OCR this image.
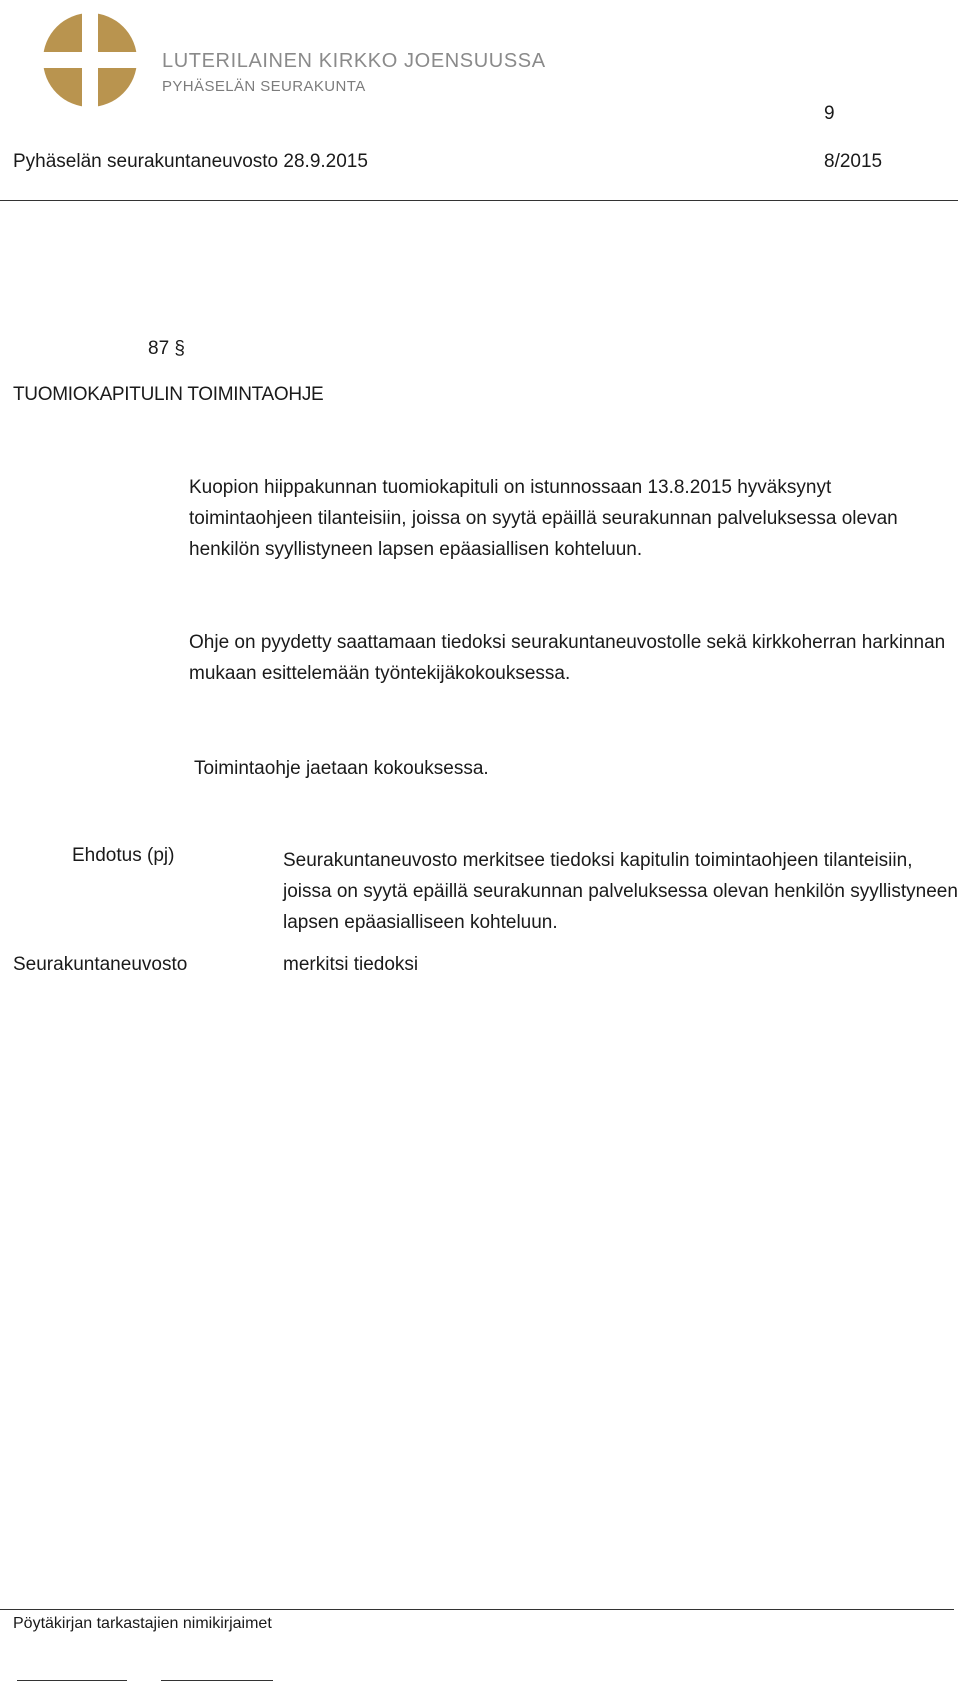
LUTERILAINEN KIRKKO JOENSUUSSA
PYHÄSELÄN SEURAKUNTA
9
Pyhäselän seurakuntaneuvosto 28.9.2015	8/2015
87 §
TUOMIOKAPITULIN TOIMINTAOHJE
Kuopion hiippakunnan tuomiokapituli on istunnossaan 13.8.2015 hyväksynyt toimintaohjeen tilanteisiin, joissa on syytä epäillä seurakunnan palveluksessa olevan henkilön syyllistyneen lapsen epäasiallisen kohteluun.
Ohje on pyydetty saattamaan tiedoksi seurakuntaneuvostolle sekä kirkkoherran harkinnan mukaan esittelemään työntekijäkokouksessa.
Toimintaohje jaetaan kokouksessa.
Ehdotus (pj)	Seurakuntaneuvosto merkitsee tiedoksi kapitulin toimintaohjeen tilanteisiin, joissa on syytä epäillä seurakunnan palveluksessa olevan henkilön syyllistyneen lapsen epäasialliseen kohteluun.
Seurakuntaneuvosto	merkitsi tiedoksi
Pöytäkirjan tarkastajien nimikirjaimet
